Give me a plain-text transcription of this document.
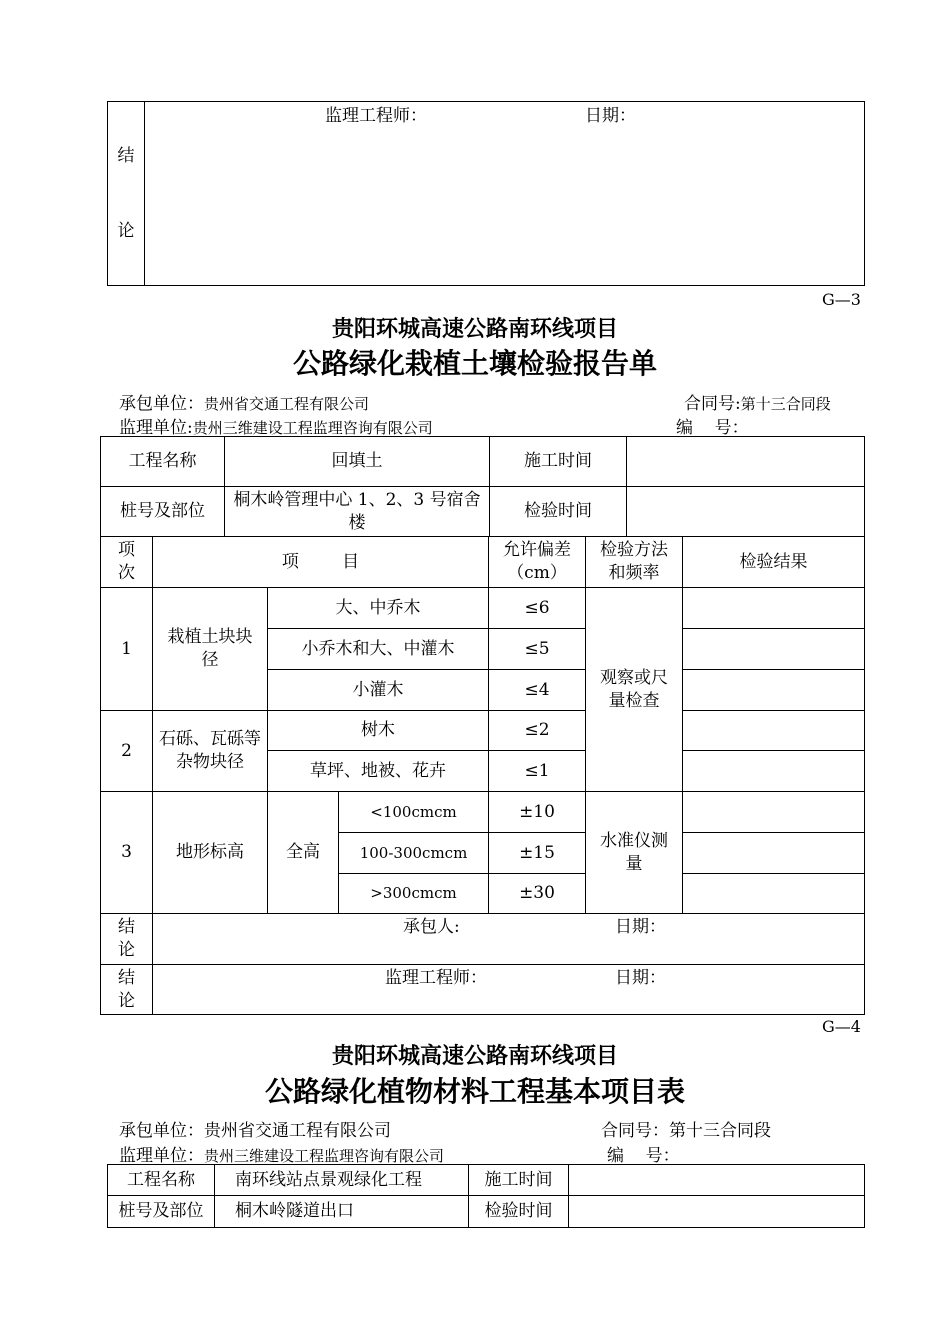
结
论

监理工程师：	日期：
G—3
贵阳环城高速公路南环线项目
公路绿化栽植土壤检验报告单
承包单位：贵州省交通工程有限公司	合同号:第十三合同段
监理单位:贵州三维建设工程监理咨询有限公司	编    号：
工程名称	回填土	施工时间	
桩号及部位	桐木岭管理中心 1、2、3 号宿舍楼	检验时间	
项次	项        目			允许偏差（cm）	检验方法和频率	检验结果
1	栽植土块块    径	大、中乔木		≤6	观察或尺量检查	
		小乔木和大、中灌木		≤5		
		小灌木		≤4		
2	石砾、瓦砾等杂物块径	树木		≤2		
		草坪、地被、花卉		≤1		
3	地形标高	全高	<100cmcm	±10	水准仪测量	
			100-300cmcm	±15		
			>300cmcm	±30		
结论	承包人: 日期：					

结论	监理工程师： 日期：					
G—4
贵阳环城高速公路南环线项目
公路绿化植物材料工程基本项目表
承包单位：贵州省交通工程有限公司	合同号：第十三合同段
监理单位：贵州三维建设工程监理咨询有限公司	编    号：
工程名称	南环线站点景观绿化工程	施工时间	
桩号及部位	桐木岭隧道出口	检验时间	
